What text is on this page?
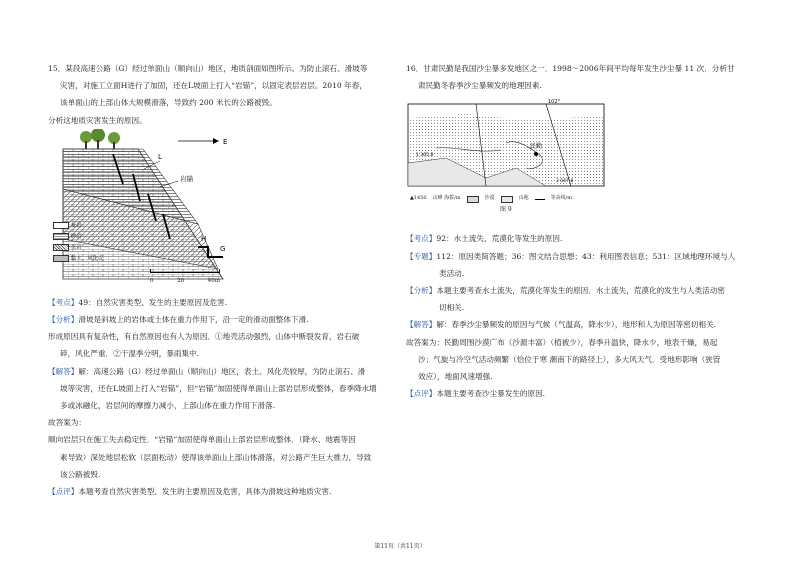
15．某段高速公路（G）经过单面山（顺向山）地区，地质剖面如图所示。为防止滚石、滑坡等

灾害，对施工立面H进行了加固，还在L坡面上打入“岩锚”，以固定表层岩层。2010 年春，

该单面山的上部山体大规模滑落，导致约 200 米长的公路被毁。

分析这地质灾害发生的原因。

E
L
岩锚
H
G
灰岩
砂岩
页岩
黏土、风化壳
0	20	40m

【考点】49：自然灾害类型、发生的主要原因及危害.

【分析】滑坡是斜坡上的岩体或土体在重力作用下，沿一定的滑动面整体下滑.

形成原因具有复杂性，有自然原因也有人为原因．①地壳活动强烈，山体中断裂发育，岩石破

碎，风化严重．②干湿季分明，暴雨集中.

【解答】解：高速公路（G）经过单面山（顺向山）地区，表土、风化壳较厚，为防止滚石、滑

坡等灾害，还在L坡面上打入“岩锚”，但“岩锚”加固使得单面山上部岩层形成整体，春季降水增

多或冰融化，岩层间的摩擦力减小，上部山体在重力作用下滑落.

故答案为：

顺向岩层只在施工失去稳定性．“岩锚”加固使得单面山上部岩层形成整体．（降水、地震等因

素导致）深处地层松软（层面松动）使得该单面山上部山体滑落，对公路产生巨大推力，导致

该公路被毁.

【点评】本题考查自然灾害类型、发生的主要原因及危害，具体为滑坡这种地质灾害.

16．甘肃民勤是我国沙尘暴多发地区之一．1998～2006年间平均每年发生沙尘暴 11 次．分析甘

肃民勤冬春季沙尘暴频发的地理因素.

民勤
102°
1 365.8
2 047.8
▲1450 山峰 海拔/m	沙漠	山地	等高线/m
图 9

【考点】92：水土流失、荒漠化等发生的原因.

【专题】112：原因类简答题；36：图文结合思想；43：利用图表信息；531：区域地理环境与人

类活动.

【分析】本题主要考查水土流失，荒漠化等发生的原因．水土流失，荒漠化的发生与人类活动密

切相关.

【解答】解：春季沙尘暴频发的原因与气候（气温高，降水少），地形和人为原因等密切相关.

故答案为：民勤周围沙漠广布（沙源丰富）（植被少），春季升温快，降水少，地表干燥，易起

沙；气旋与冷空气活动频繁（恰位于寒 潮南下的路径上），多大风天气．受地形影响（狭管

效应），地面风速增强.

【点评】本题主要考查沙尘暴发生的原因.

第11页（共11页）
